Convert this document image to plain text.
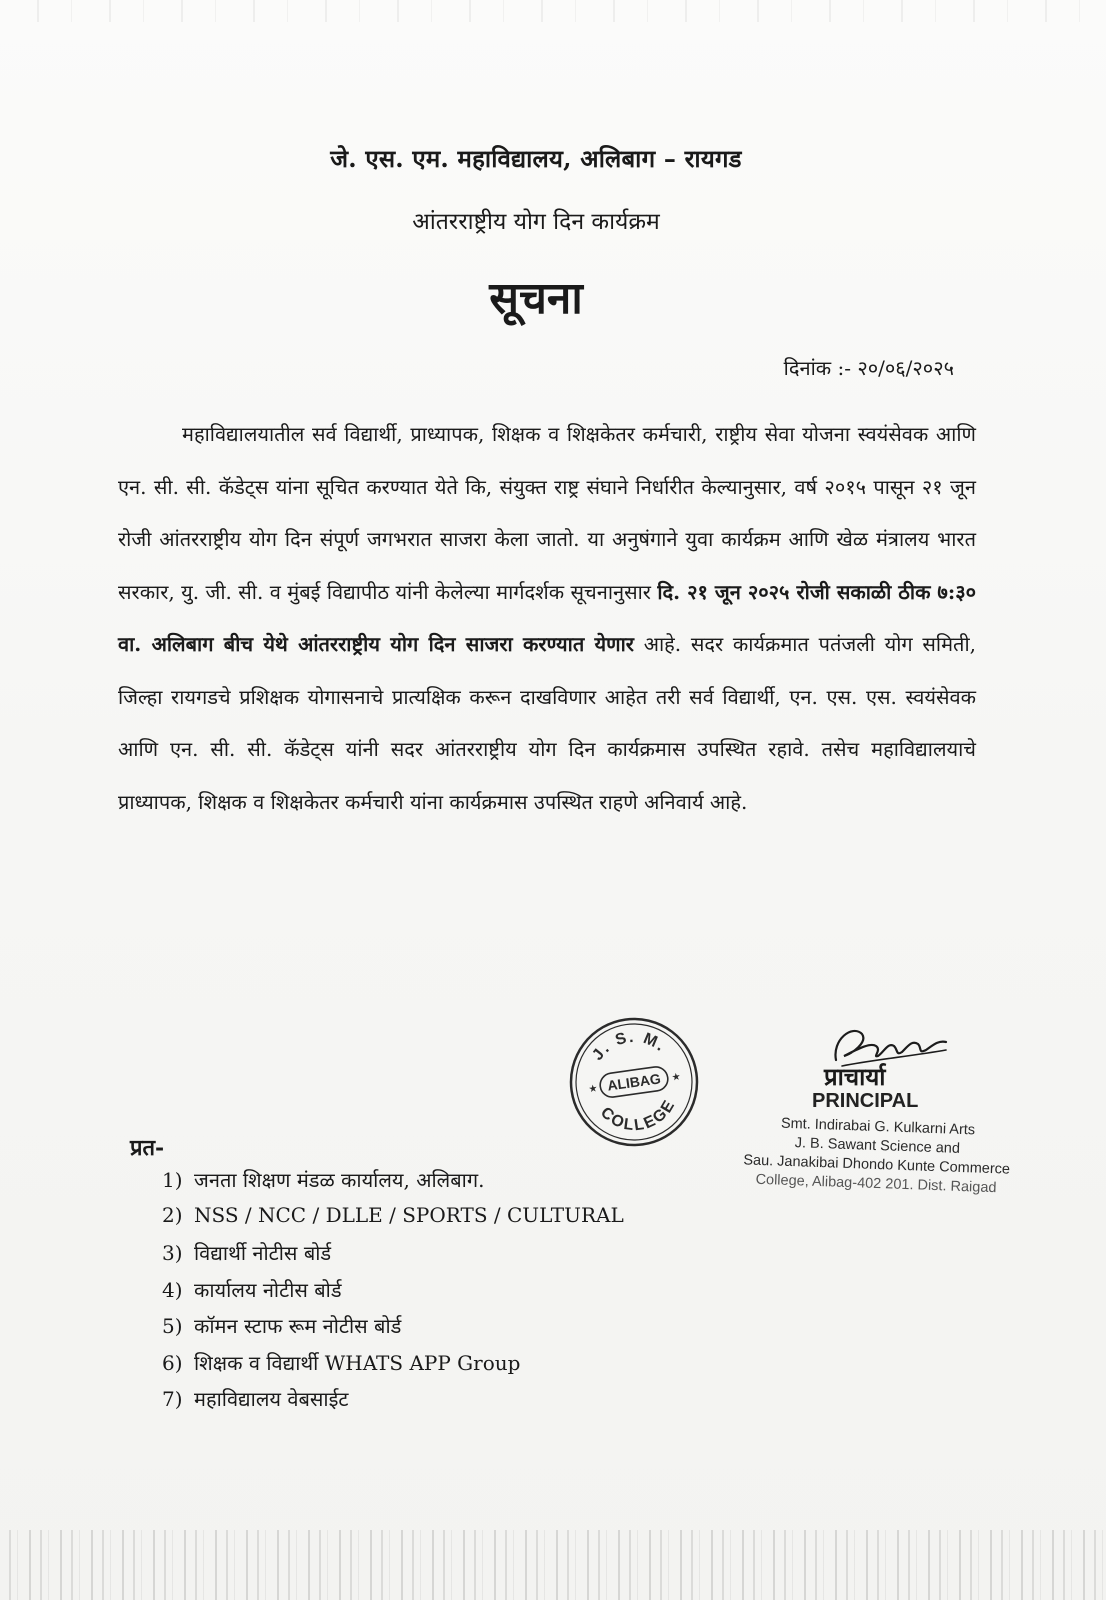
जे. एस. एम. महाविद्यालय, अलिबाग – रायगड
आंतरराष्ट्रीय योग दिन कार्यक्रम
सूचना
दिनांक :- २०/०६/२०२५
महाविद्यालयातील सर्व विद्यार्थी, प्राध्यापक, शिक्षक व शिक्षकेतर कर्मचारी, राष्ट्रीय सेवा योजना स्वयंसेवक आणि एन. सी. सी. कॅडेट्स यांना सूचित करण्यात येते कि, संयुक्त राष्ट्र संघाने निर्धारीत केल्यानुसार, वर्ष २०१५ पासून २१ जून रोजी आंतरराष्ट्रीय योग दिन संपूर्ण जगभरात साजरा केला जातो. या अनुषंगाने युवा कार्यक्रम आणि खेळ मंत्रालय भारत सरकार, यु. जी. सी. व मुंबई विद्यापीठ यांनी केलेल्या मार्गदर्शक सूचनानुसार दि. २१ जून २०२५ रोजी सकाळी ठीक ७:३० वा. अलिबाग बीच येथे आंतरराष्ट्रीय योग दिन साजरा करण्यात येणार आहे. सदर कार्यक्रमात पतंजली योग समिती, जिल्हा रायगडचे प्रशिक्षक योगासनाचे प्रात्यक्षिक करून दाखविणार आहेत तरी सर्व विद्यार्थी, एन. एस. एस. स्वयंसेवक आणि एन. सी. सी. कॅडेट्स यांनी सदर आंतरराष्ट्रीय योग दिन कार्यक्रमास उपस्थित रहावे. तसेच महाविद्यालयाचे प्राध्यापक, शिक्षक व शिक्षकेतर कर्मचारी यांना कार्यक्रमास उपस्थित राहणे अनिवार्य आहे.
J. S. M.
ALIBAG
COLLEGE
★
★	प्राचार्या
PRINCIPAL
Smt. Indirabai G. Kulkarni Arts
J. B. Sawant Science and
Sau. Janakibai Dhondo Kunte Commerce
College, Alibag-402 201. Dist. Raigad
प्रत-
1) जनता शिक्षण मंडळ कार्यालय, अलिबाग.
2) NSS / NCC / DLLE / SPORTS / CULTURAL
3) विद्यार्थी नोटीस बोर्ड
4) कार्यालय नोटीस बोर्ड
5) कॉमन स्टाफ रूम नोटीस बोर्ड
6) शिक्षक व विद्यार्थी WHATS APP Group
7) महाविद्यालय वेबसाईट
